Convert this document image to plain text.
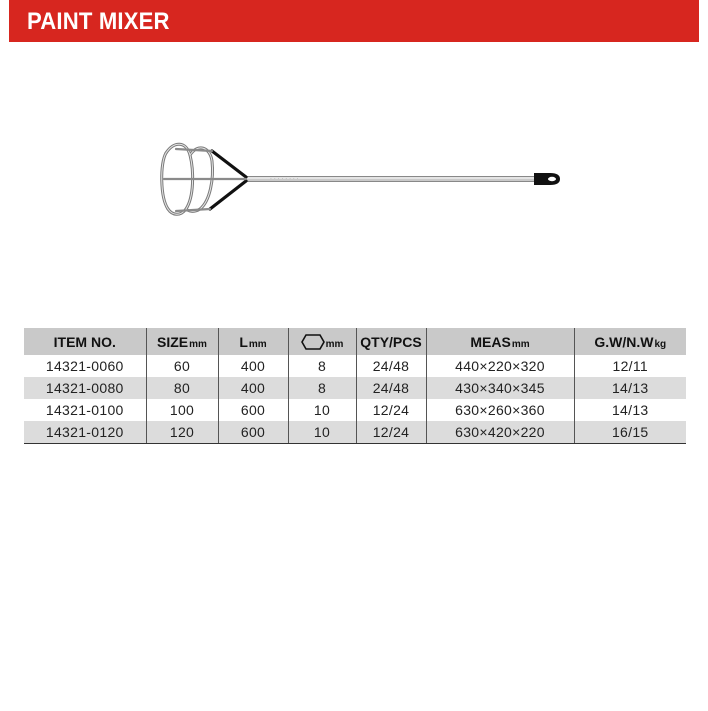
PAINT MIXER
· · · · · · · ·
ITEM NO.	SIZEmm	Lmm	mm	QTY/PCS	MEASmm	G.W/N.Wkg
14321-0060	60	400	8	24/48	440×220×320	12/11
14321-0080	80	400	8	24/48	430×340×345	14/13
14321-0100	100	600	10	12/24	630×260×360	14/13
14321-0120	120	600	10	12/24	630×420×220	16/15
